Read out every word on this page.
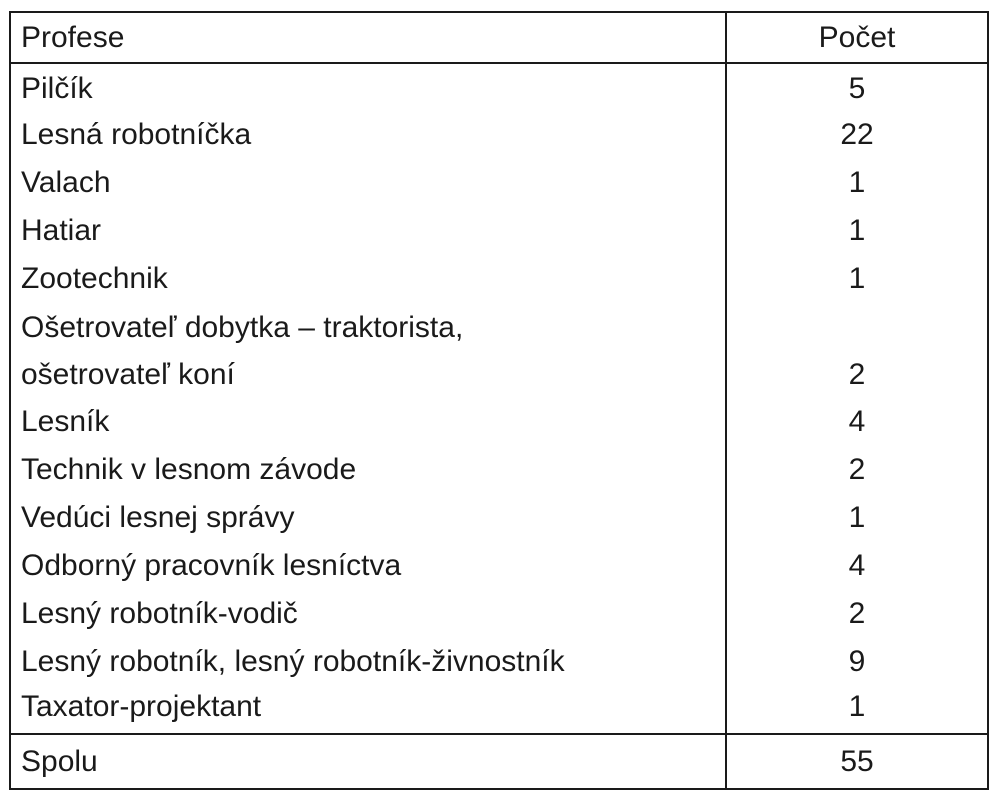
Profese	Počet
Pilčík	5
Lesná robotníčka	22
Valach	1
Hatiar	1
Zootechnik	1
Ošetrovateľ dobytka – traktorista,
ošetrovateľ koní	2
Lesník	4
Technik v lesnom závode	2
Vedúci lesnej správy	1
Odborný pracovník lesníctva	4
Lesný robotník-vodič	2
Lesný robotník, lesný robotník-živnostník	9
Taxator-projektant	1
Spolu	55
